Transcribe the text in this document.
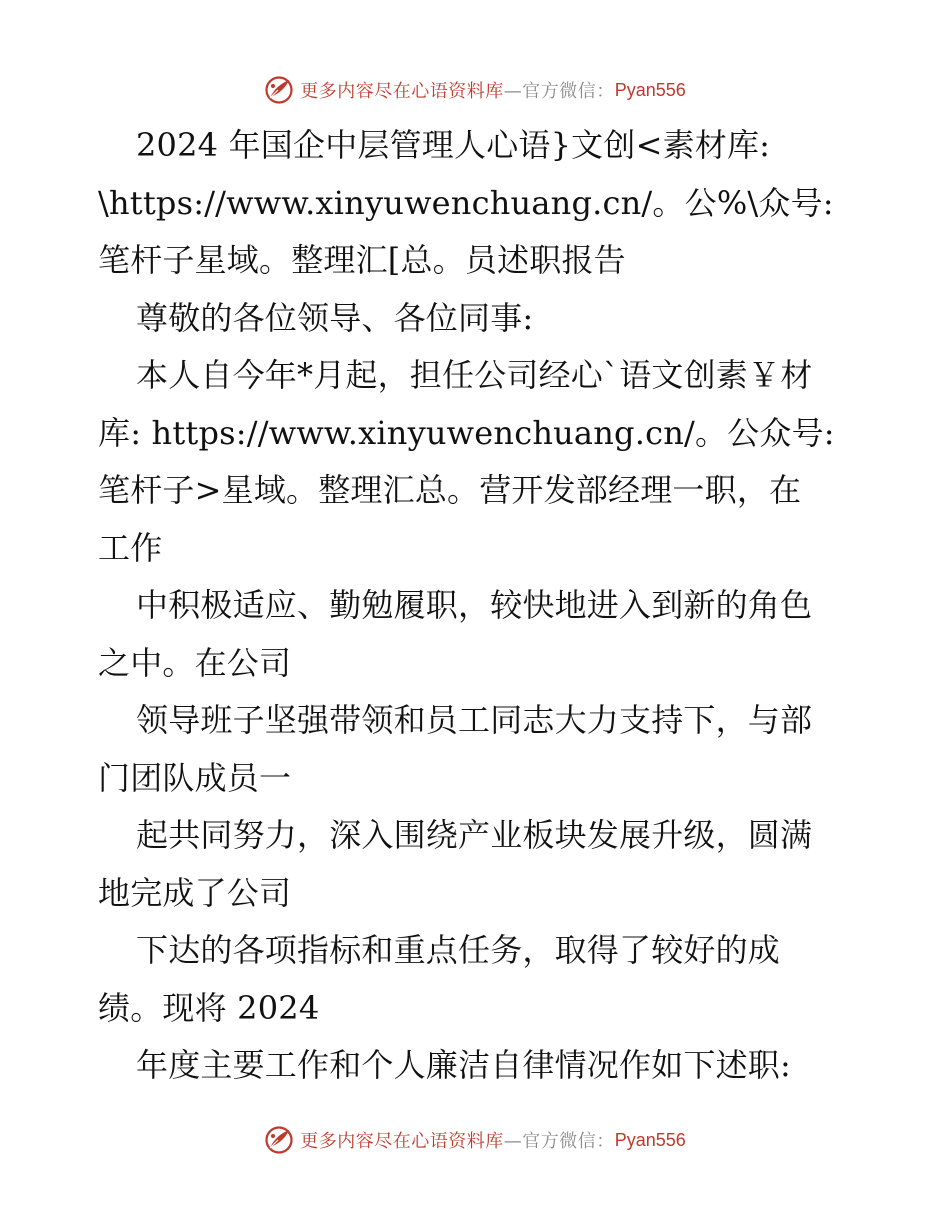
更多内容尽在心语资料库 —官方微信： Pyan556

2024 年国企中层管理人心语}文创<素材库:

\https://www.xinyuwenchuang.cn/。公%\众号:

笔杆子星域。整理汇[总。员述职报告

尊敬的各位领导、各位同事:

本人自今年*月起，担任公司经心`语文创素￥材

库: https://www.xinyuwenchuang.cn/。公众号:

笔杆子>星域。整理汇总。营开发部经理一职，在

工作

中积极适应、勤勉履职，较快地进入到新的角色

之中。在公司

领导班子坚强带领和员工同志大力支持下，与部

门团队成员一

起共同努力，深入围绕产业板块发展升级，圆满

地完成了公司

下达的各项指标和重点任务，取得了较好的成

绩。现将 2024

年度主要工作和个人廉洁自律情况作如下述职:

更多内容尽在心语资料库 —官方微信： Pyan556
